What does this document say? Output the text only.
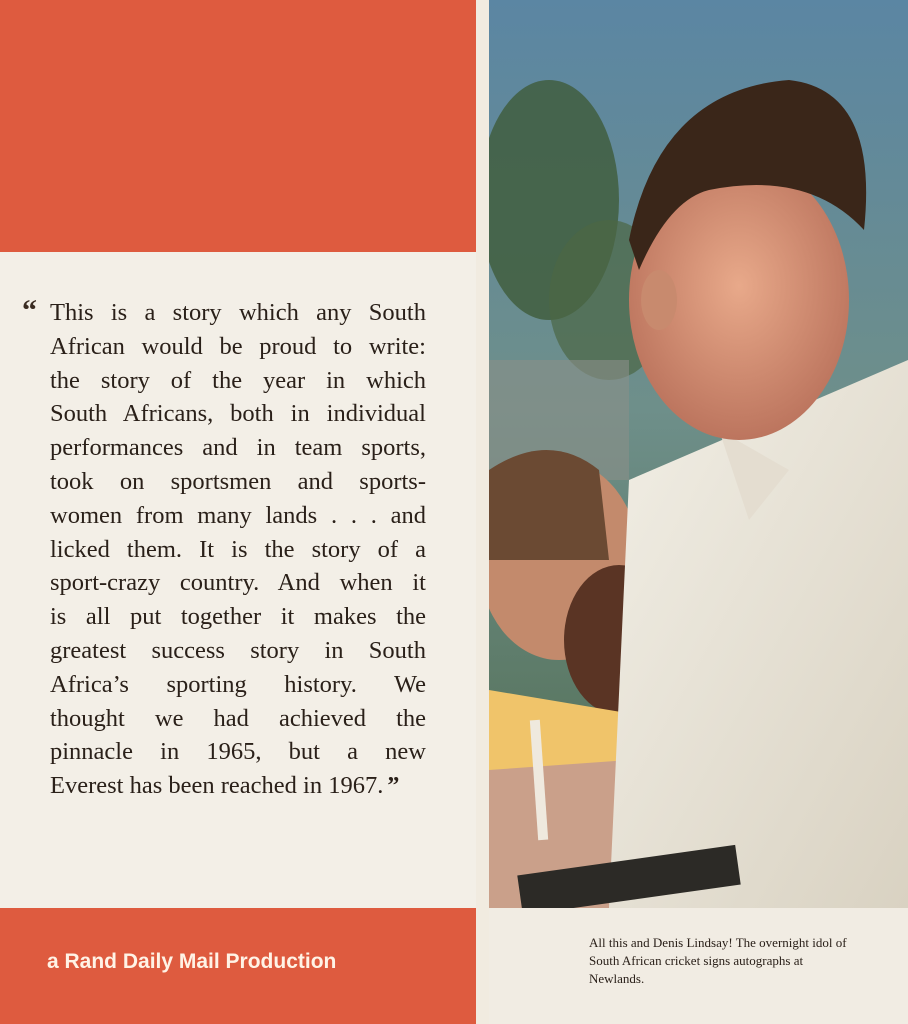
“ This is a story which any South
African would be proud to write:
the story of the year in which
South Africans, both in individual
performances and in team sports,
took on sportsmen and sports-
women from many lands . . . and
licked them. It is the story of a
sport-crazy country. And when it
is all put together it makes the
greatest success story in South
Africa’s sporting history. We
thought we had achieved the
pinnacle in 1965, but a new
Everest has been reached in 1967. ”
a Rand Daily Mail Production
All this and Denis Lindsay! The overnight idol of South African cricket signs autographs at Newlands.
